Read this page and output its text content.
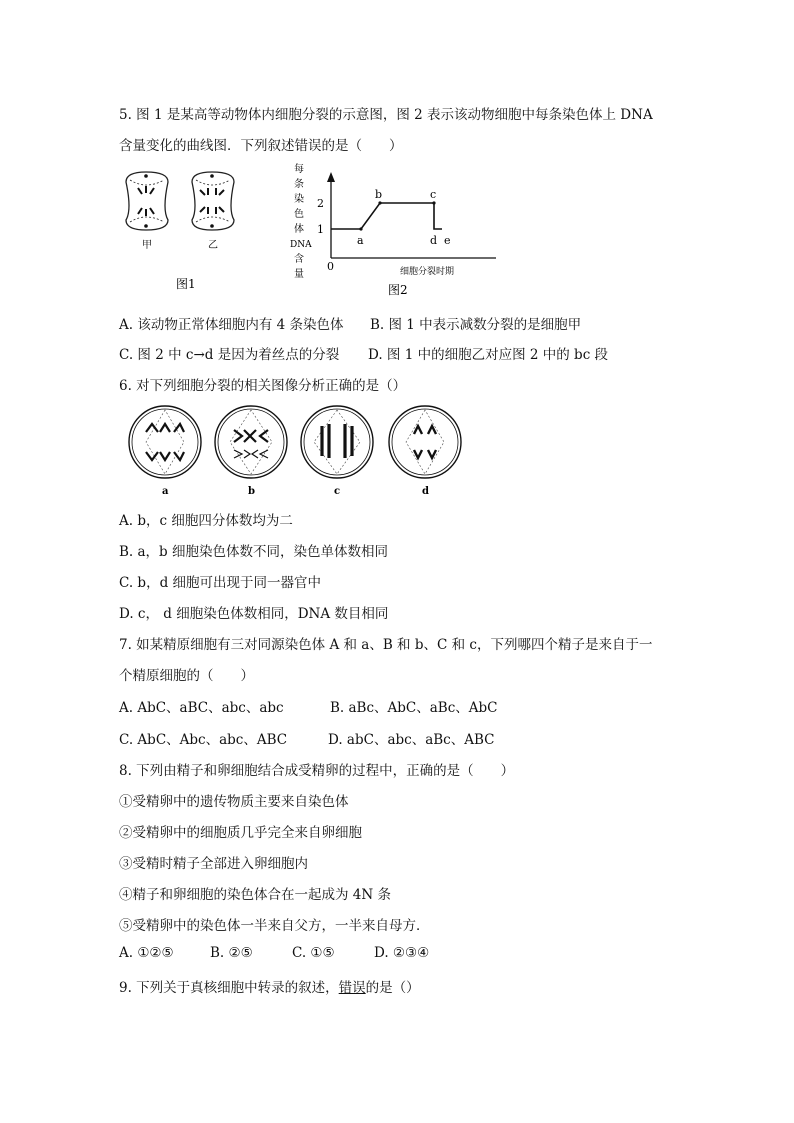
5. 图 1 是某高等动物体内细胞分裂的示意图，图 2 表示该动物细胞中每条染色体上 DNA
含量变化的曲线图．下列叙述错误的是（　　）
甲	乙
图1
每
条
染
色
体
DNA
含
量
2
1
0
a
b	c
d e
细胞分裂时期
图2
A. 该动物正常体细胞内有 4 条染色体 B. 图 1 中表示减数分裂的是细胞甲
C. 图 2 中 c→d 是因为着丝点的分裂 D. 图 1 中的细胞乙对应图 2 中的 bc 段
6. 对下列细胞分裂的相关图像分析正确的是（）
a	b	c	d
A. b，c 细胞四分体数均为二
B. a，b 细胞染色体数不同，染色单体数相同
C. b，d 细胞可出现于同一器官中
D. c， d 细胞染色体数相同，DNA 数目相同
7. 如某精原细胞有三对同源染色体 A 和 a、B 和 b、C 和 c，下列哪四个精子是来自于一
个精原细胞的（　　）
A. AbC、aBC、abc、abc	B. aBc、AbC、aBc、AbC
C. AbC、Abc、abc、ABC	D. abC、abc、aBc、ABC
8. 下列由精子和卵细胞结合成受精卵的过程中，正确的是（　　）
①受精卵中的遗传物质主要来自染色体
②受精卵中的细胞质几乎完全来自卵细胞
③受精时精子全部进入卵细胞内
④精子和卵细胞的染色体合在一起成为 4N 条
⑤受精卵中的染色体一半来自父方，一半来自母方．
A. ①②⑤	B. ②⑤	C. ①⑤	D. ②③④
9. 下列关于真核细胞中转录的叙述，错误的是（）
